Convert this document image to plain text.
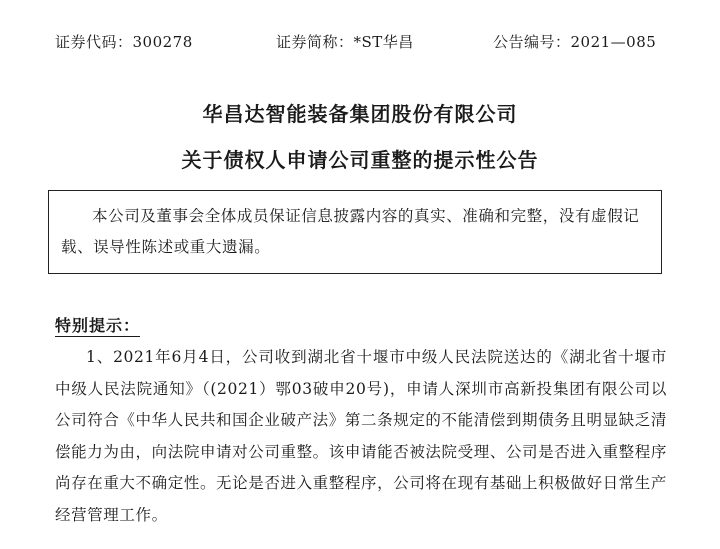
证券代码：300278	证券简称：*ST华昌	公告编号：2021—085
华昌达智能装备集团股份有限公司
关于债权人申请公司重整的提示性公告

本公司及董事会全体成员保证信息披露内容的真实、准确和完整，没有虚假记载、误导性陈述或重大遗漏。

特别提示：

1、2021年6月4日，公司收到湖北省十堰市中级人民法院送达的《湖北省十堰市中级人民法院通知》（(2021）鄂03破申20号)，申请人深圳市高新投集团有限公司以公司符合《中华人民共和国企业破产法》第二条规定的不能清偿到期债务且明显缺乏清偿能力为由，向法院申请对公司重整。该申请能否被法院受理、公司是否进入重整程序尚存在重大不确定性。无论是否进入重整程序，公司将在现有基础上积极做好日常生产经营管理工作。
